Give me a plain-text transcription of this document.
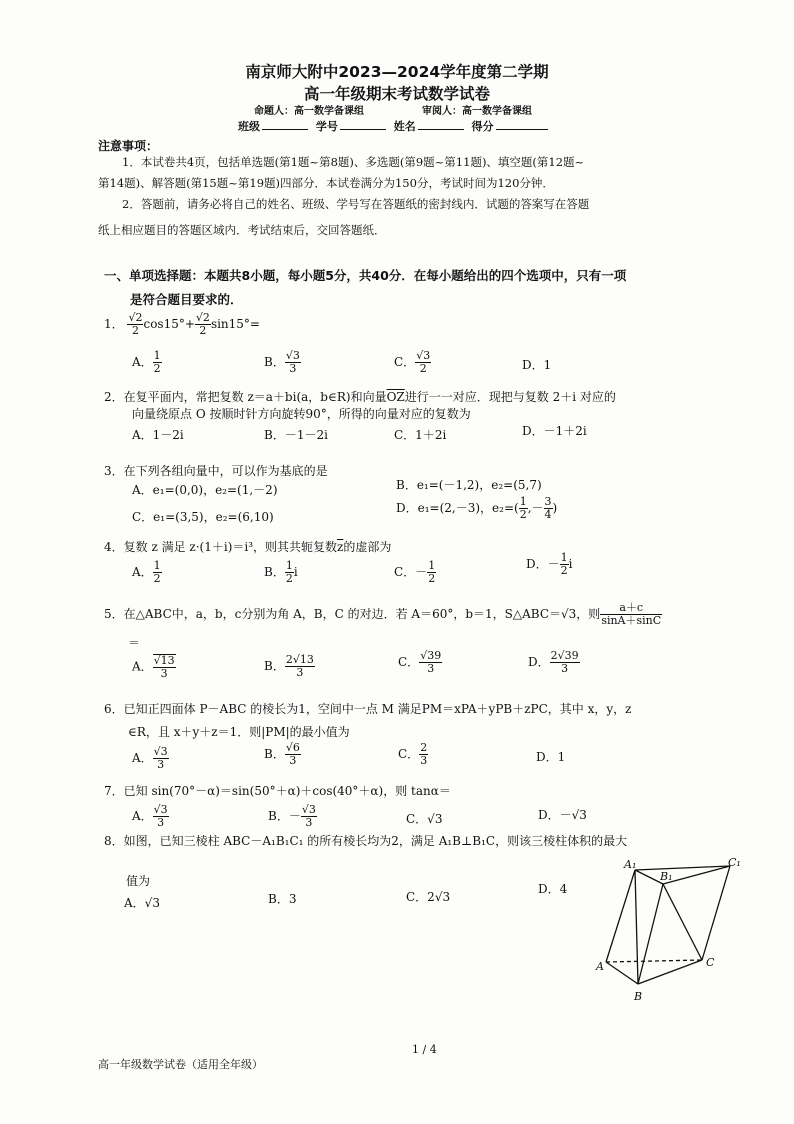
南京师大附中2023—2024学年度第二学期
高一年级期末考试数学试卷
命题人：高一数学备课组	审阅人：高一数学备课组
班级	学号	姓名	得分
注意事项：
1．本试卷共4页，包括单选题(第1题~第8题)、多选题(第9题~第11题)、填空题(第12题~
第14题)、解答题(第15题~第19题)四部分．本试卷满分为150分，考试时间为120分钟．
2．答题前，请务必将自己的姓名、班级、学号写在答题纸的密封线内．试题的答案写在答题
纸上相应题目的答题区域内．考试结束后，交回答题纸．
一、单项选择题：本题共8小题，每小题5分，共40分．在每小题给出的四个选项中，只有一项
是符合题目要求的．
1． $\frac{√2}{2} \cos 15^\circ+ \frac{√2}{2} \sin 15^\circ=$
A． $\frac{1}{2}$	B． $\frac{√3}{3}$	C． $\frac{√3}{2}$	D．1
2．在复平面内，常把复数 z＝a＋bi(a，b∈R)和向量$\overline{OZ}$进行一一对应．现把与复数 2＋i 对应的
向量绕原点 O 按顺时针方向旋转90°，所得的向量对应的复数为
A．1－2i	B．－1－2i	C．1＋2i	D．－1＋2i
3．在下列各组向量中，可以作为基底的是
A．e₁=(0,0)，e₂=(1,－2)	B．e₁=(－1,2)，e₂=(5,7)
C．e₁=(3,5)，e₂=(6,10)
D．e₁=(2,－3)，$e_2=( \frac{1}{2}$ ,－ $\frac{3}{4}$ )
4．复数 z 满足 z·(1＋i)＝i³，则其共轭复数$\overline{z}$的虚部为
A． $\frac{1}{2}$	B． $\frac{1}{2}$ i	C．－ $\frac{1}{2}$	D．－ $\frac{1}{2}$ i
5．在△ABC中，a，b，c分别为角 A，B，C 的对边．若 A＝60°，b＝1，S△ABC＝√3，则 $\frac{a+c}{\sin A+\sin C}$
＝
A． $\frac{√13}{3}$	B． $\frac{2√13}{3}$	C． $\frac{√39}{3}$	D． $\frac{2√39}{3}$
6．已知正四面体 P－ABC 的棱长为1，空间中一点 M 满足PM＝xPA＋yPB＋zPC，其中 x，y，z
∈R，且 x＋y＋z＝1．则|PM|的最小值为
A． $\frac{√3}{3}$	B． $\frac{√6}{3}$	C． $\frac{2}{3}$	D．1
7．已知 sin(70°－α)＝sin(50°＋α)＋cos(40°＋α)，则 tanα＝
A． $\frac{√3}{3}$	B．－ $\frac{√3}{3}$	C．√3	D．－√3
8．如图，已知三棱柱 ABC－A₁B₁C₁ 的所有棱长均为2，满足 A₁B⊥B₁C，则该三棱柱体积的最大
值为
A．√3	B．3	C．2√3
D．4
A₁
B₁
C₁
A
B
C
1 / 4
高一年级数学试卷（适用全年级）
